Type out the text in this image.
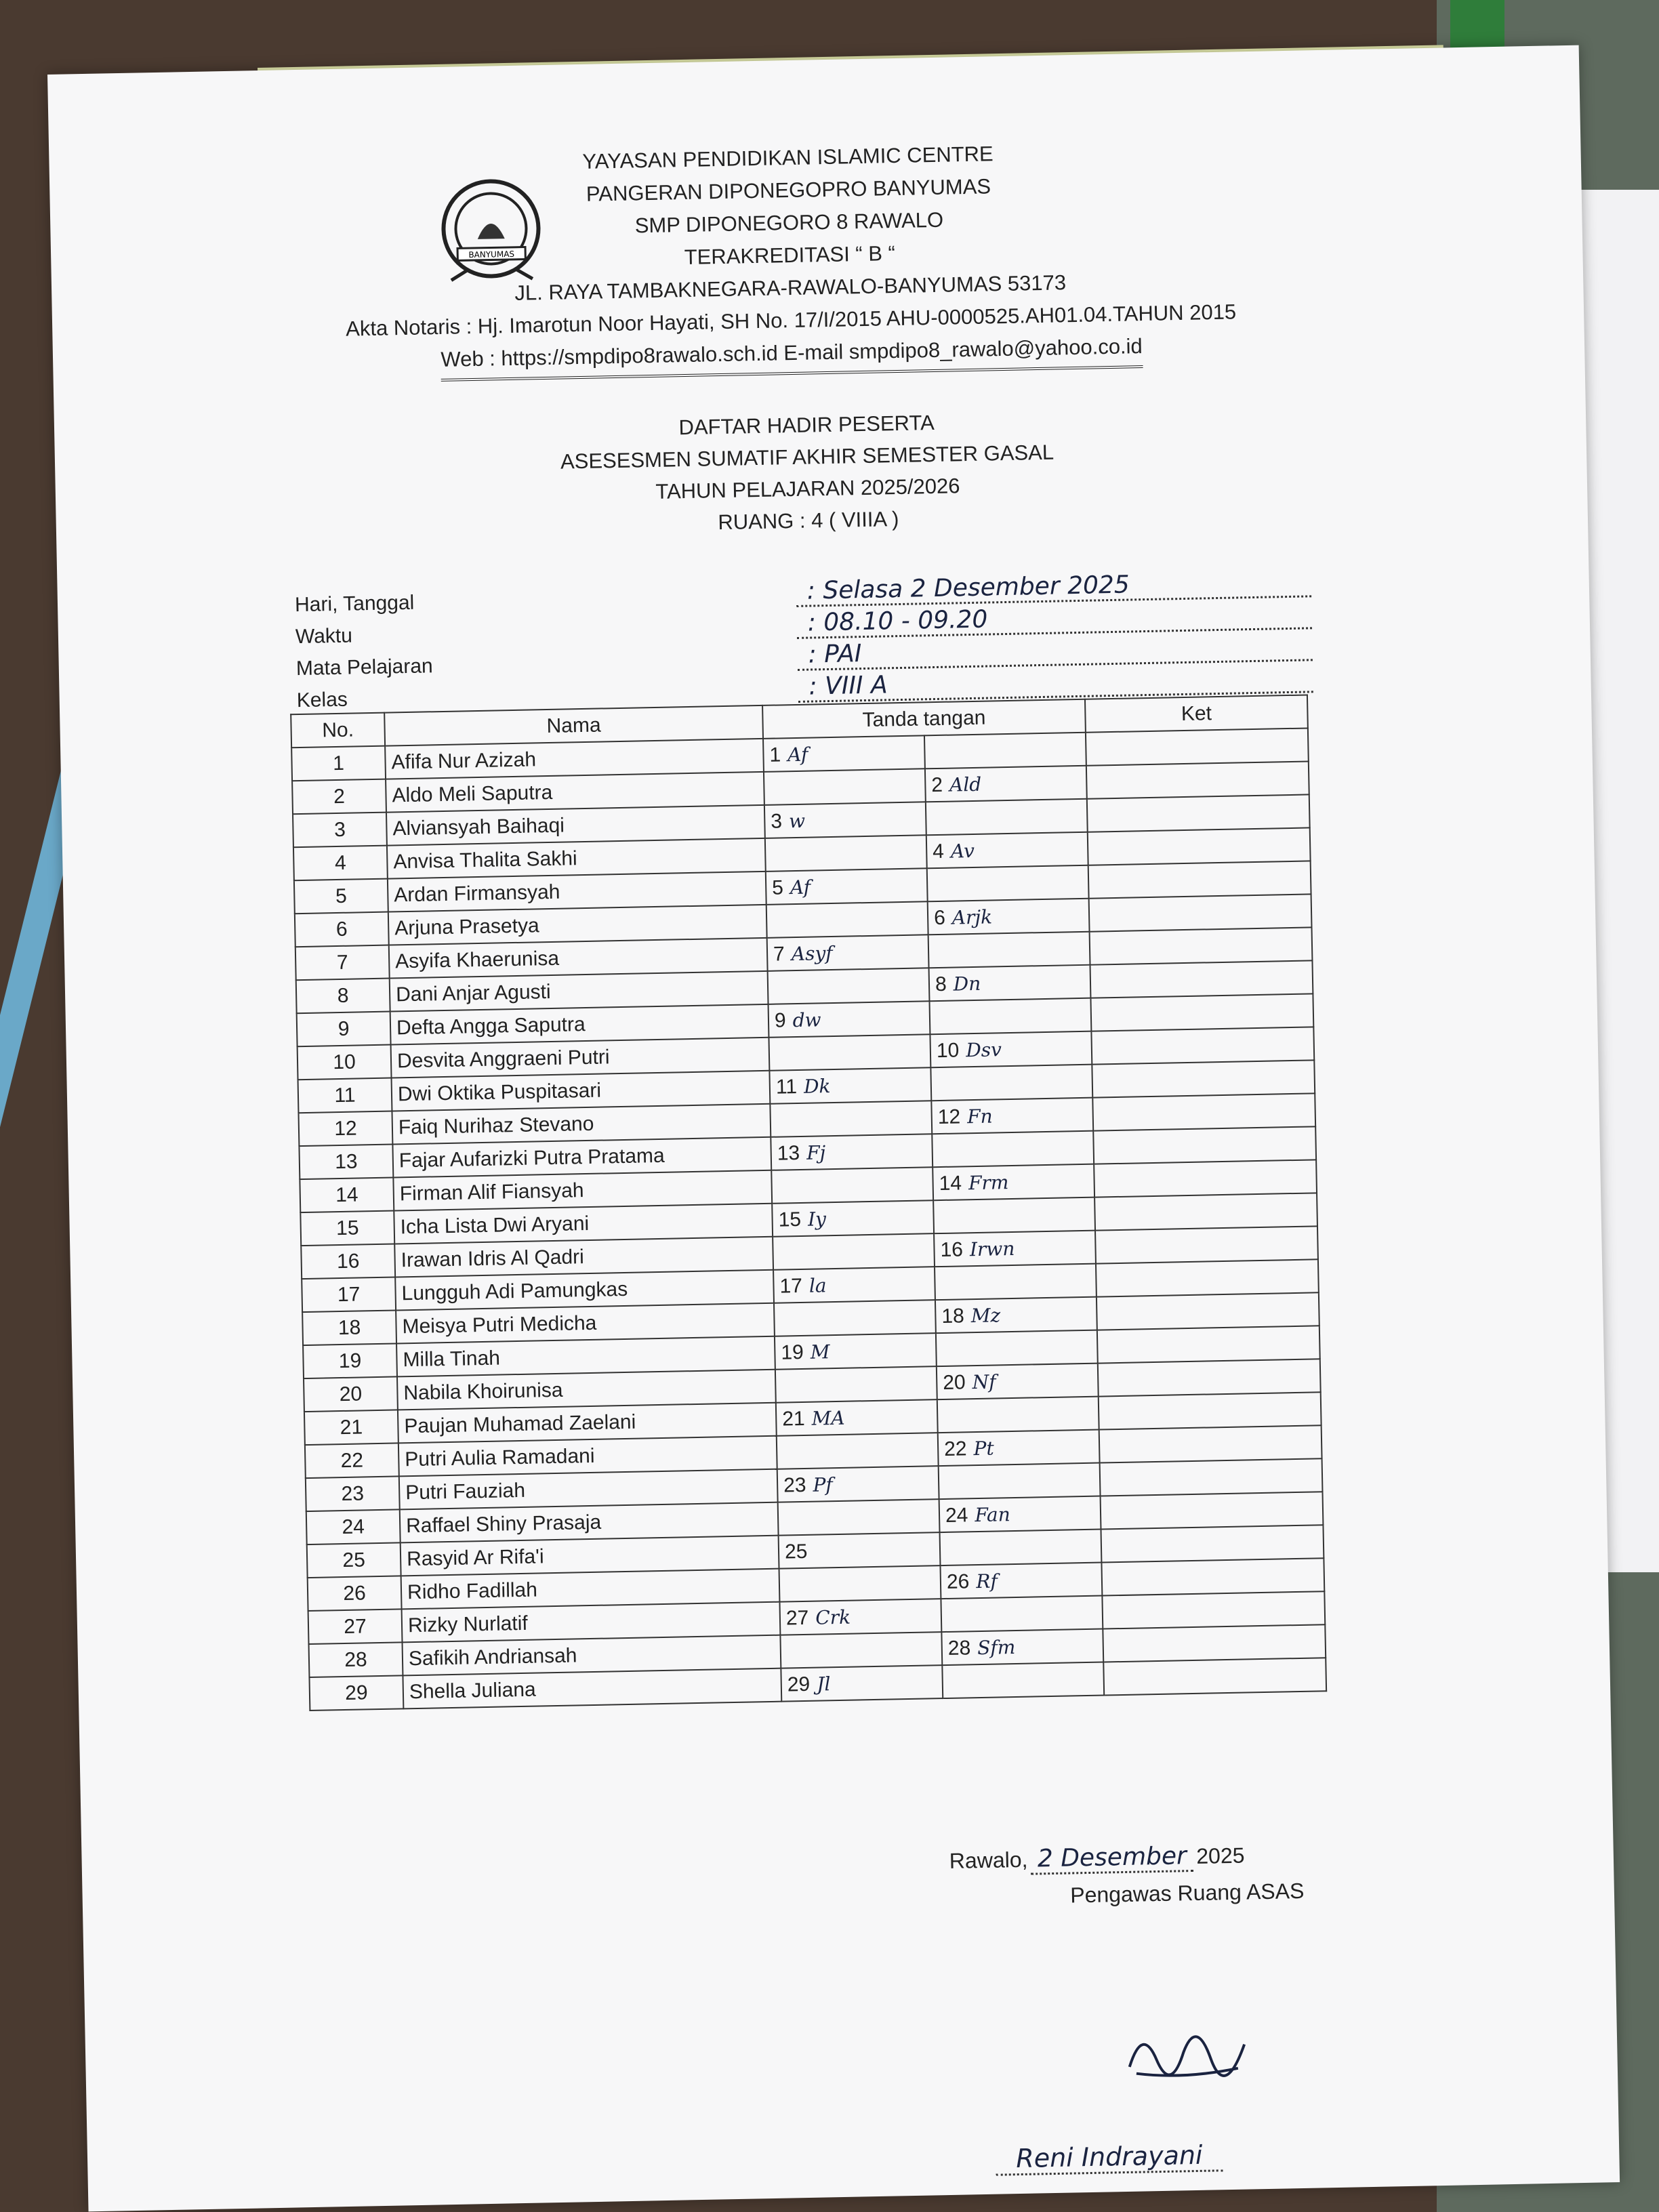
BANYUMAS
YAYASAN PENDIDIKAN ISLAMIC CENTRE
PANGERAN DIPONEGOPRO BANYUMAS
SMP DIPONEGORO 8 RAWALO
TERAKREDITASI “ B “
JL. RAYA TAMBAKNEGARA-RAWALO-BANYUMAS 53173
Akta Notaris : Hj. Imarotun Noor Hayati, SH No. 17/I/2015 AHU-0000525.AH01.04.TAHUN 2015
Web : https://smpdipo8rawalo.sch.id E-mail smpdipo8_rawalo@yahoo.co.id
DAFTAR HADIR PESERTA
ASESESMEN SUMATIF AKHIR SEMESTER GASAL
TAHUN PELAJARAN 2025/2026
RUANG : 4 ( VIIIA )
Hari, Tanggal	: Selasa 2 Desember 2025
Waktu	: 08.10 - 09.20
Mata Pelajaran	: PAI
Kelas	: VIII A
No.	Nama	Tanda tangan		Ket
1	Afifa Nur Azizah	1 Af		
2	Aldo Meli Saputra		2 Ald	
3	Alviansyah Baihaqi	3 w		
4	Anvisa Thalita Sakhi		4 Av	
5	Ardan Firmansyah	5 Af		
6	Arjuna Prasetya		6 Arjk	
7	Asyifa Khaerunisa	7 Asyf		
8	Dani Anjar Agusti		8 Dn	
9	Defta Angga Saputra	9 dw		
10	Desvita Anggraeni Putri		10 Dsv	
11	Dwi Oktika Puspitasari	11 Dk		
12	Faiq Nurihaz Stevano		12 Fn	
13	Fajar Aufarizki Putra Pratama	13 Fj		
14	Firman Alif Fiansyah		14 Frm	
15	Icha Lista Dwi Aryani	15 Iy		
16	Irawan Idris Al Qadri		16 Irwn	
17	Lungguh Adi Pamungkas	17 la		
18	Meisya Putri Medicha		18 Mz	
19	Milla Tinah	19 M		
20	Nabila Khoirunisa		20 Nf	
21	Paujan Muhamad Zaelani	21 MA		
22	Putri Aulia Ramadani		22 Pt	
23	Putri Fauziah	23 Pf		
24	Raffael Shiny Prasaja		24 Fan	
25	Rasyid Ar Rifa'i	25		
26	Ridho Fadillah		26 Rf	
27	Rizky Nurlatif	27 Crk		
28	Safikih Andriansah		28 Sfm	
29	Shella Juliana	29 Jl		
Rawalo, 2 Desember 2025
Pengawas Ruang ASAS
Reni Indrayani
